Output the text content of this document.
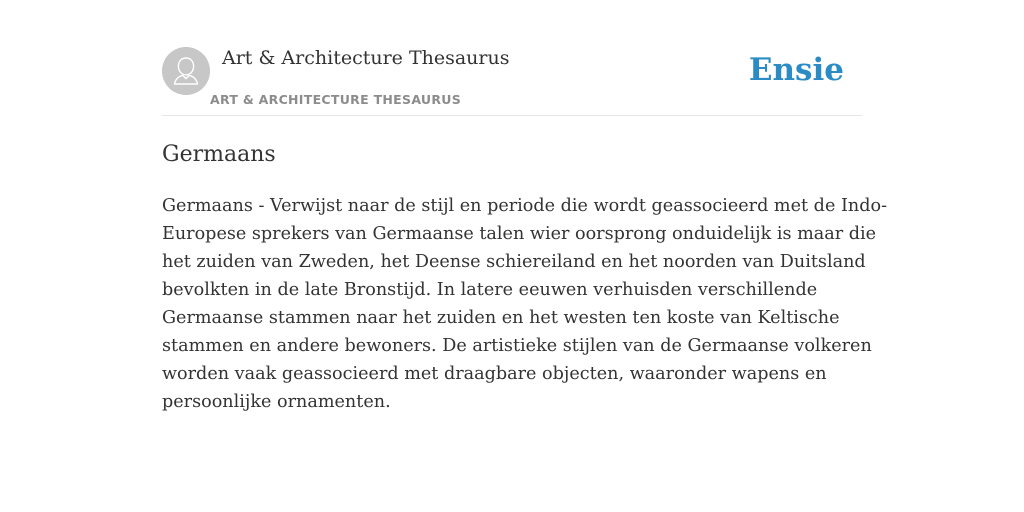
Art & Architecture Thesaurus
ART & ARCHITECTURE THESAURUS
Ensie
Germaans

Germaans - Verwijst naar de stijl en periode die wordt geassocieerd met de Indo-
Europese sprekers van Germaanse talen wier oorsprong onduidelijk is maar die
het zuiden van Zweden, het Deense schiereiland en het noorden van Duitsland
bevolkten in de late Bronstijd. In latere eeuwen verhuisden verschillende
Germaanse stammen naar het zuiden en het westen ten koste van Keltische
stammen en andere bewoners. De artistieke stijlen van de Germaanse volkeren
worden vaak geassocieerd met draagbare objecten, waaronder wapens en
persoonlijke ornamenten.
